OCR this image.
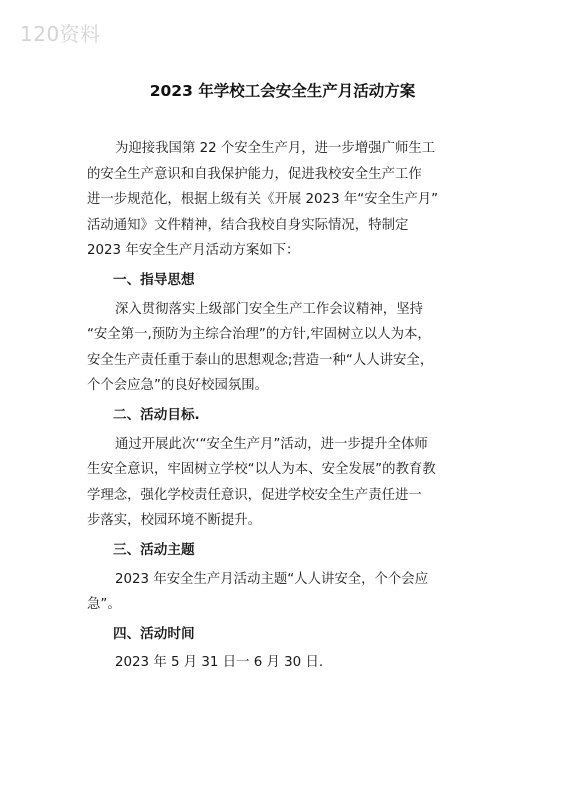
120资料
2023 年学校工会安全生产月活动方案
为迎接我国第 22 个安全生产月，进一步增强广师生工
的安全生产意识和自我保护能力，促进我校安全生产工作
进一步规范化，根据上级有关《开展 2023 年“安全生产月”
活动通知》文件精神，结合我校自身实际情况，特制定
2023 年安全生产月活动方案如下：
一、指导思想
深入贯彻落实上级部门安全生产工作会议精神，坚持
“安全第一,预防为主综合治理”的方针,牢固树立以人为本，
安全生产责任重于泰山的思想观念;营造一种“人人讲安全，
个个会应急”的良好校园氛围。
二、活动目标.
通过开展此次‘“安全生产月”活动，进一步提升全体师
生安全意识，牢固树立学校“以人为本、安全发展”的教育教
学理念，强化学校责任意识，促进学校安全生产责任进一
步落实，校园环境不断提升。
三、活动主题
2023 年安全生产月活动主题“人人讲安全，个个会应
急”。
四、活动时间
2023 年 5 月 31 日一 6 月 30 日.
